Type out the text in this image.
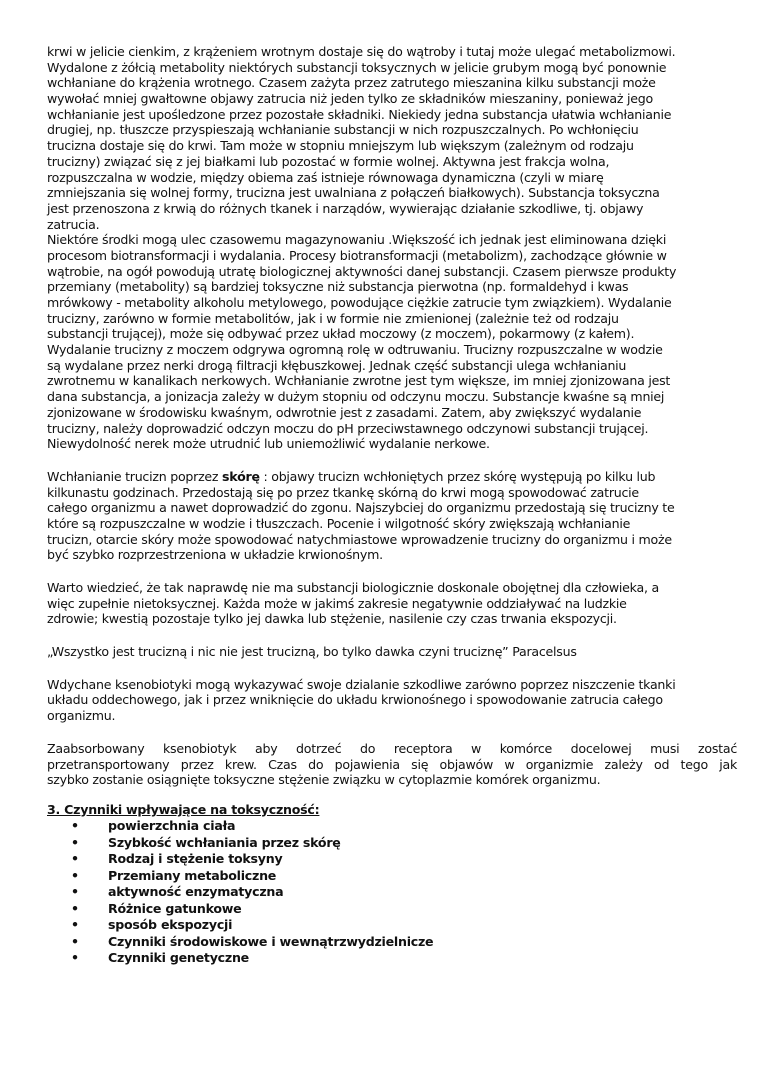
krwi w jelicie cienkim, z krążeniem wrotnym dostaje się do wątroby i tutaj może ulegać metabolizmowi.
Wydalone z żółcią metabolity niektórych substancji toksycznych w jelicie grubym mogą być ponownie
wchłaniane do krążenia wrotnego. Czasem zażyta przez zatrutego mieszanina kilku substancji może
wywołać mniej gwałtowne objawy zatrucia niż jeden tylko ze składników mieszaniny, ponieważ jego
wchłanianie jest upośledzone przez pozostałe składniki. Niekiedy jedna substancja ułatwia wchłanianie
drugiej, np. tłuszcze przyspieszają wchłanianie substancji w nich rozpuszczalnych. Po wchłonięciu
trucizna dostaje się do krwi. Tam może w stopniu mniejszym lub większym (zależnym od rodzaju
trucizny) związać się z jej białkami lub pozostać w formie wolnej. Aktywna jest frakcja wolna,
rozpuszczalna w wodzie, między obiema zaś istnieje równowaga dynamiczna (czyli w miarę
zmniejszania się wolnej formy, trucizna jest uwalniana z połączeń białkowych). Substancja toksyczna
jest przenoszona z krwią do różnych tkanek i narządów, wywierając działanie szkodliwe, tj. objawy
zatrucia.
Niektóre środki mogą ulec czasowemu magazynowaniu .Większość ich jednak jest eliminowana dzięki
procesom biotransformacji i wydalania. Procesy biotransformacji (metabolizm), zachodzące głównie w
wątrobie, na ogół powodują utratę biologicznej aktywności danej substancji. Czasem pierwsze produkty
przemiany (metabolity) są bardziej toksyczne niż substancja pierwotna (np. formaldehyd i kwas
mrówkowy - metabolity alkoholu metylowego, powodujące ciężkie zatrucie tym związkiem). Wydalanie
trucizny, zarówno w formie metabolitów, jak i w formie nie zmienionej (zależnie też od rodzaju
substancji trującej), może się odbywać przez układ moczowy (z moczem), pokarmowy (z kałem).
Wydalanie trucizny z moczem odgrywa ogromną rolę w odtruwaniu. Trucizny rozpuszczalne w wodzie
są wydalane przez nerki drogą filtracji kłębuszkowej. Jednak część substancji ulega wchłanianiu
zwrotnemu w kanalikach nerkowych. Wchłanianie zwrotne jest tym większe, im mniej zjonizowana jest
dana substancja, a jonizacja zależy w dużym stopniu od odczynu moczu. Substancje kwaśne są mniej
zjonizowane w środowisku kwaśnym, odwrotnie jest z zasadami. Zatem, aby zwiększyć wydalanie
trucizny, należy doprowadzić odczyn moczu do pH przeciwstawnego odczynowi substancji trującej.
Niewydolność nerek może utrudnić lub uniemożliwić wydalanie nerkowe.
Wchłanianie trucizn poprzez skórę : objawy trucizn wchłoniętych przez skórę występują po kilku lub
kilkunastu godzinach. Przedostają się po przez tkankę skórną do krwi mogą spowodować zatrucie
całego organizmu a nawet doprowadzić do zgonu. Najszybciej do organizmu przedostają się trucizny te
które są rozpuszczalne w wodzie i tłuszczach. Pocenie i wilgotność skóry zwiększają wchłanianie
trucizn, otarcie skóry może spowodować natychmiastowe wprowadzenie trucizny do organizmu i może
być szybko rozprzestrzeniona w układzie krwionośnym.
Warto wiedzieć, że tak naprawdę nie ma substancji biologicznie doskonale obojętnej dla człowieka, a
więc zupełnie nietoksycznej. Każda może w jakimś zakresie negatywnie oddziaływać na ludzkie
zdrowie; kwestią pozostaje tylko jej dawka lub stężenie, nasilenie czy czas trwania ekspozycji.
„Wszystko jest trucizną i nic nie jest trucizną, bo tylko dawka czyni truciznę” Paracelsus
Wdychane ksenobiotyki mogą wykazywać swoje dzialanie szkodliwe zarówno poprzez niszczenie tkanki
układu oddechowego, jak i przez wniknięcie do układu krwionośnego i spowodowanie zatrucia całego
organizmu.
Zaabsorbowany ksenobiotyk aby dotrzeć do receptora w komórce docelowej musi zostać
przetransportowany przez krew. Czas do pojawienia się objawów w organizmie zależy od tego jak
szybko zostanie osiągnięte toksyczne stężenie związku w cytoplazmie komórek organizmu.
3. Czynniki wpływające na toksyczność:
• powierzchnia ciała
• Szybkość wchłaniania przez skórę
• Rodzaj i stężenie toksyny
• Przemiany metaboliczne
• aktywność enzymatyczna
• Różnice gatunkowe
• sposób ekspozycji
• Czynniki środowiskowe i wewnątrzwydzielnicze
• Czynniki genetyczne
